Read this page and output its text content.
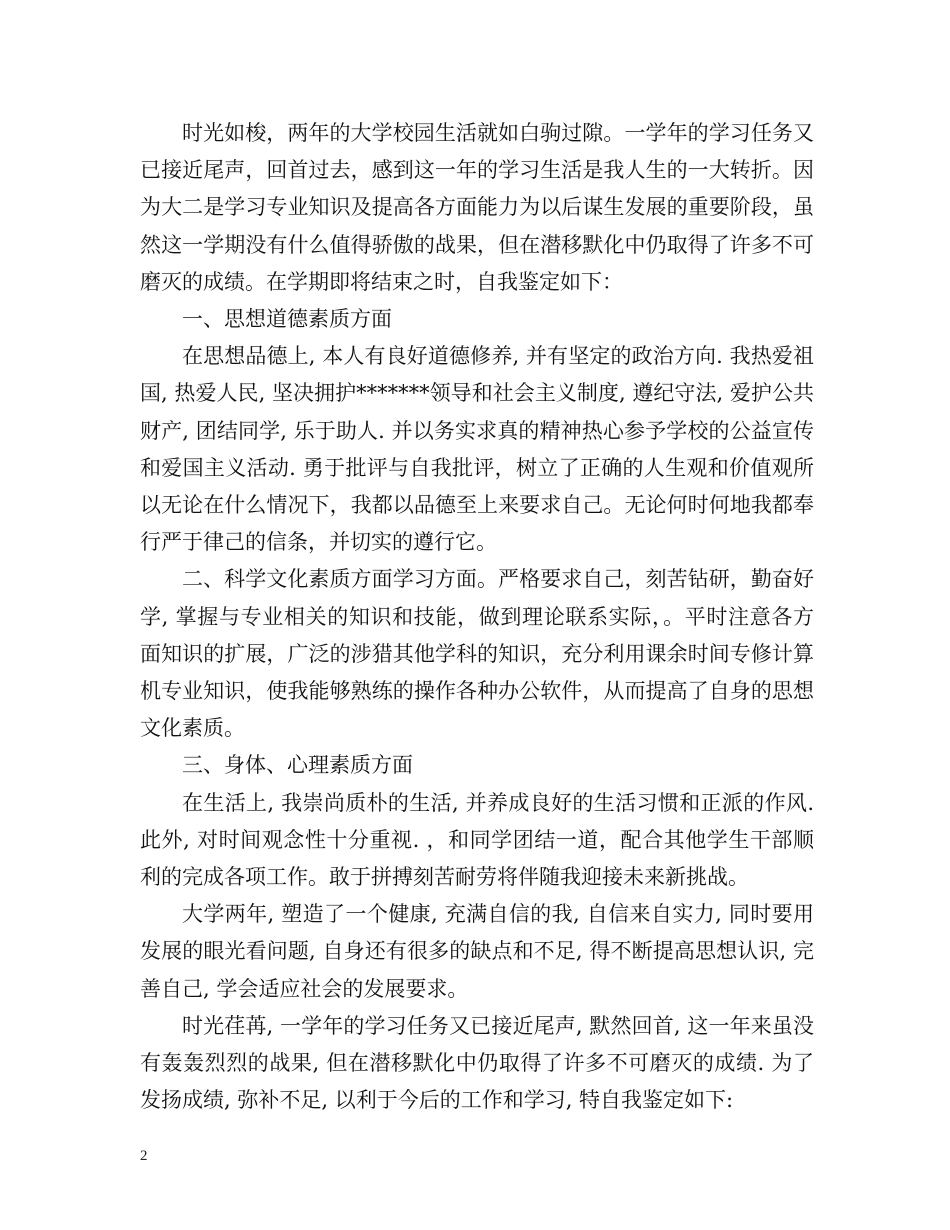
时光如梭，两年的大学校园生活就如白驹过隙。一学年的学习任务又已接近尾声，回首过去，感到这一年的学习生活是我人生的一大转折。因为大二是学习专业知识及提高各方面能力为以后谋生发展的重要阶段，虽然这一学期没有什么值得骄傲的战果，但在潜移默化中仍取得了许多不可磨灭的成绩。在学期即将结束之时，自我鉴定如下：

一、思想道德素质方面

在思想品德上, 本人有良好道德修养, 并有坚定的政治方向. 我热爱祖国, 热爱人民, 坚决拥护*******领导和社会主义制度, 遵纪守法, 爱护公共财产, 团结同学, 乐于助人. 并以务实求真的精神热心参予学校的公益宣传和爱国主义活动. 勇于批评与自我批评，树立了正确的人生观和价值观所以无论在什么情况下，我都以品德至上来要求自己。无论何时何地我都奉行严于律己的信条，并切实的遵行它。

二、科学文化素质方面学习方面。严格要求自己，刻苦钻研，勤奋好学, 掌握与专业相关的知识和技能，做到理论联系实际，。平时注意各方面知识的扩展，广泛的涉猎其他学科的知识，充分利用课余时间专修计算机专业知识，使我能够熟练的操作各种办公软件，从而提高了自身的思想文化素质。

三、身体、心理素质方面

在生活上, 我崇尚质朴的生活, 并养成良好的生活习惯和正派的作风. 此外, 对时间观念性十分重视. ，和同学团结一道，配合其他学生干部顺利的完成各项工作。敢于拼搏刻苦耐劳将伴随我迎接未来新挑战。

大学两年, 塑造了一个健康, 充满自信的我, 自信来自实力, 同时要用发展的眼光看问题, 自身还有很多的缺点和不足, 得不断提高思想认识, 完善自己, 学会适应社会的发展要求。

时光荏苒, 一学年的学习任务又已接近尾声, 默然回首, 这一年来虽没有轰轰烈烈的战果, 但在潜移默化中仍取得了许多不可磨灭的成绩. 为了发扬成绩, 弥补不足, 以利于今后的工作和学习, 特自我鉴定如下:

2
